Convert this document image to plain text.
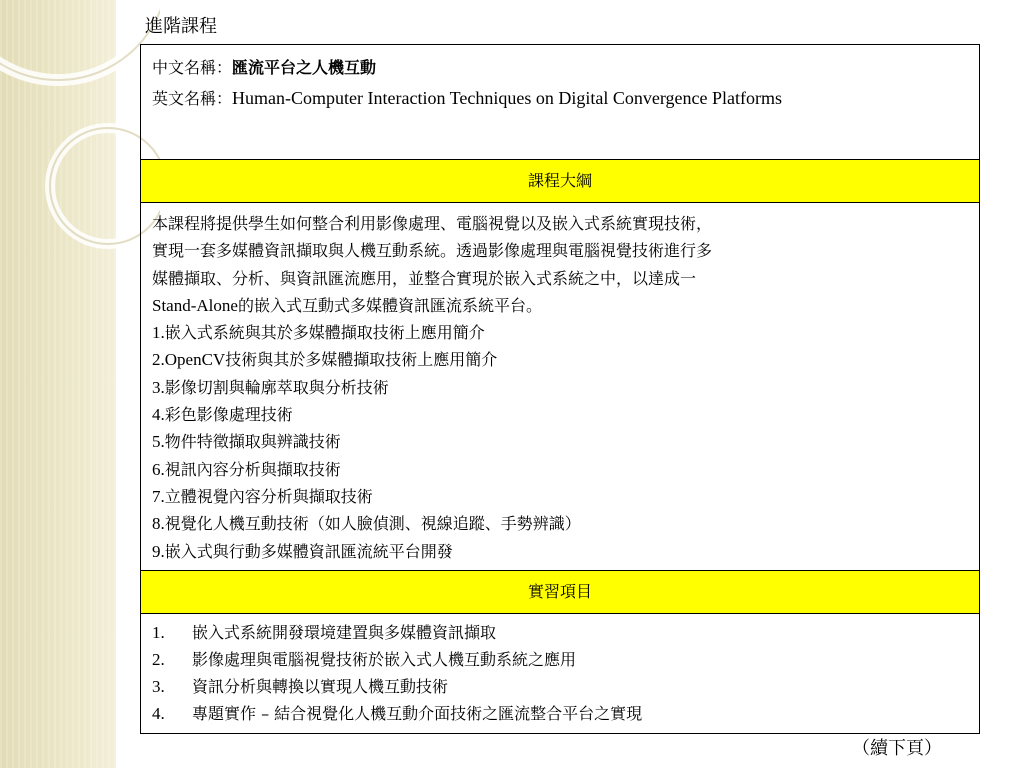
進階課程
中文名稱：匯流平台之人機互動
英文名稱：Human-Computer Interaction Techniques on Digital Convergence Platforms

課程大綱

本課程將提供學生如何整合利用影像處理、電腦視覺以及嵌入式系統實現技術，
實現一套多媒體資訊擷取與人機互動系統。透過影像處理與電腦視覺技術進行多
媒體擷取、分析、與資訊匯流應用，並整合實現於嵌入式系統之中，以達成一
Stand-Alone的嵌入式互動式多媒體資訊匯流系統平台。
1.嵌入式系統與其於多媒體擷取技術上應用簡介
2.OpenCV技術與其於多媒體擷取技術上應用簡介
3.影像切割與輪廓萃取與分析技術
4.彩色影像處理技術
5.物件特徵擷取與辨識技術
6.視訊內容分析與擷取技術
7.立體視覺內容分析與擷取技術
8.視覺化人機互動技術（如人臉偵測、視線追蹤、手勢辨識）
9.嵌入式與行動多媒體資訊匯流統平台開發

實習項目

1.	嵌入式系統開發環境建置與多媒體資訊擷取
2.	影像處理與電腦視覺技術於嵌入式人機互動系統之應用
3.	資訊分析與轉換以實現人機互動技術
4.	專題實作 – 結合視覺化人機互動介面技術之匯流整合平台之實現
（續下頁）
